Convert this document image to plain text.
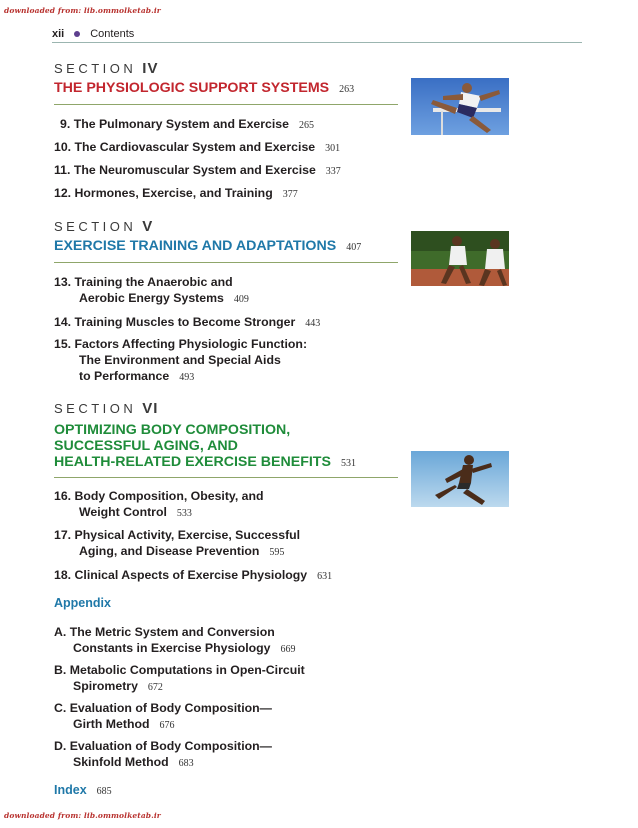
downloaded from: lib.ommolketab.ir
downloaded from: lib.ommolketab.ir
xii Contents
SECTION IV
THE PHYSIOLOGIC SUPPORT SYSTEMS 263
9. The Pulmonary System and Exercise 265
10. The Cardiovascular System and Exercise 301
11. The Neuromuscular System and Exercise 337
12. Hormones, Exercise, and Training 377
SECTION V
EXERCISE TRAINING AND ADAPTATIONS 407
13. Training the Anaerobic and
Aerobic Energy Systems 409
14. Training Muscles to Become Stronger 443
15. Factors Affecting Physiologic Function:
The Environment and Special Aids
to Performance 493
SECTION VI
OPTIMIZING BODY COMPOSITION,
SUCCESSFUL AGING, AND
HEALTH-RELATED EXERCISE BENEFITS 531
16. Body Composition, Obesity, and
Weight Control 533
17. Physical Activity, Exercise, Successful
Aging, and Disease Prevention 595
18. Clinical Aspects of Exercise Physiology 631
Appendix
A. The Metric System and Conversion
Constants in Exercise Physiology 669
B. Metabolic Computations in Open-Circuit
Spirometry 672
C. Evaluation of Body Composition—
Girth Method 676
D. Evaluation of Body Composition—
Skinfold Method 683
Index 685
